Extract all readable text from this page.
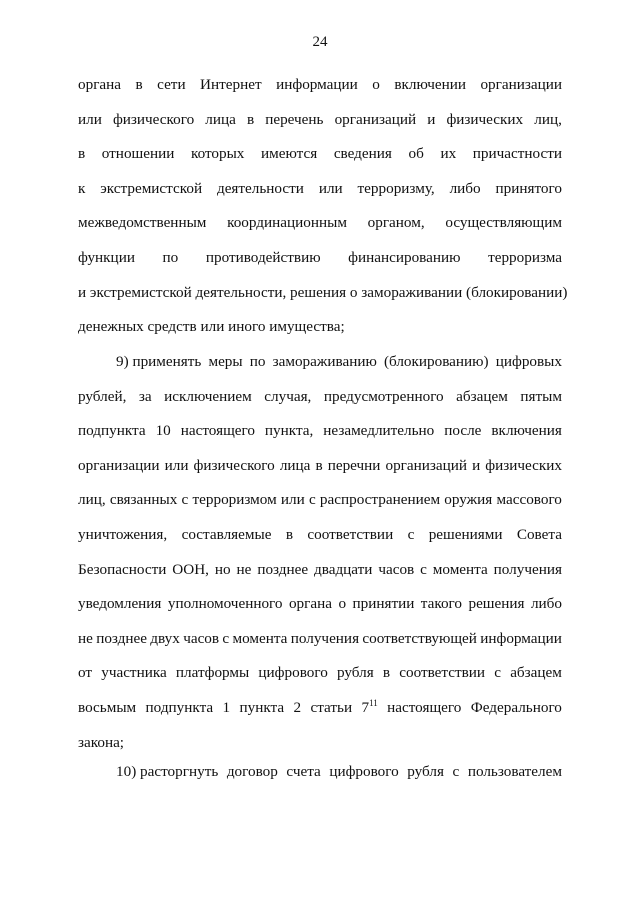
24
органа в сети Интернет информации о включении организации
или физического лица в перечень организаций и физических лиц,
в отношении которых имеются сведения об их причастности
к экстремистской деятельности или терроризму, либо принятого
межведомственным координационным органом, осуществляющим
функции по противодействию финансированию терроризма
и экстремистской деятельности, решения о замораживании (блокировании)
денежных средств или иного имущества;
9) применять меры по замораживанию (блокированию) цифровых
рублей, за исключением случая, предусмотренного абзацем пятым
подпункта 10 настоящего пункта, незамедлительно после включения
организации или физического лица в перечни организаций и физических
лиц, связанных с терроризмом или с распространением оружия массового
уничтожения, составляемые в соответствии с решениями Совета
Безопасности ООН, но не позднее двадцати часов с момента получения
уведомления уполномоченного органа о принятии такого решения либо
не позднее двух часов с момента получения соответствующей информации
от участника платформы цифрового рубля в соответствии с абзацем
восьмым подпункта 1 пункта 2 статьи $7^{11}$ настоящего Федерального
закона;
10) расторгнуть договор счета цифрового рубля с пользователем
